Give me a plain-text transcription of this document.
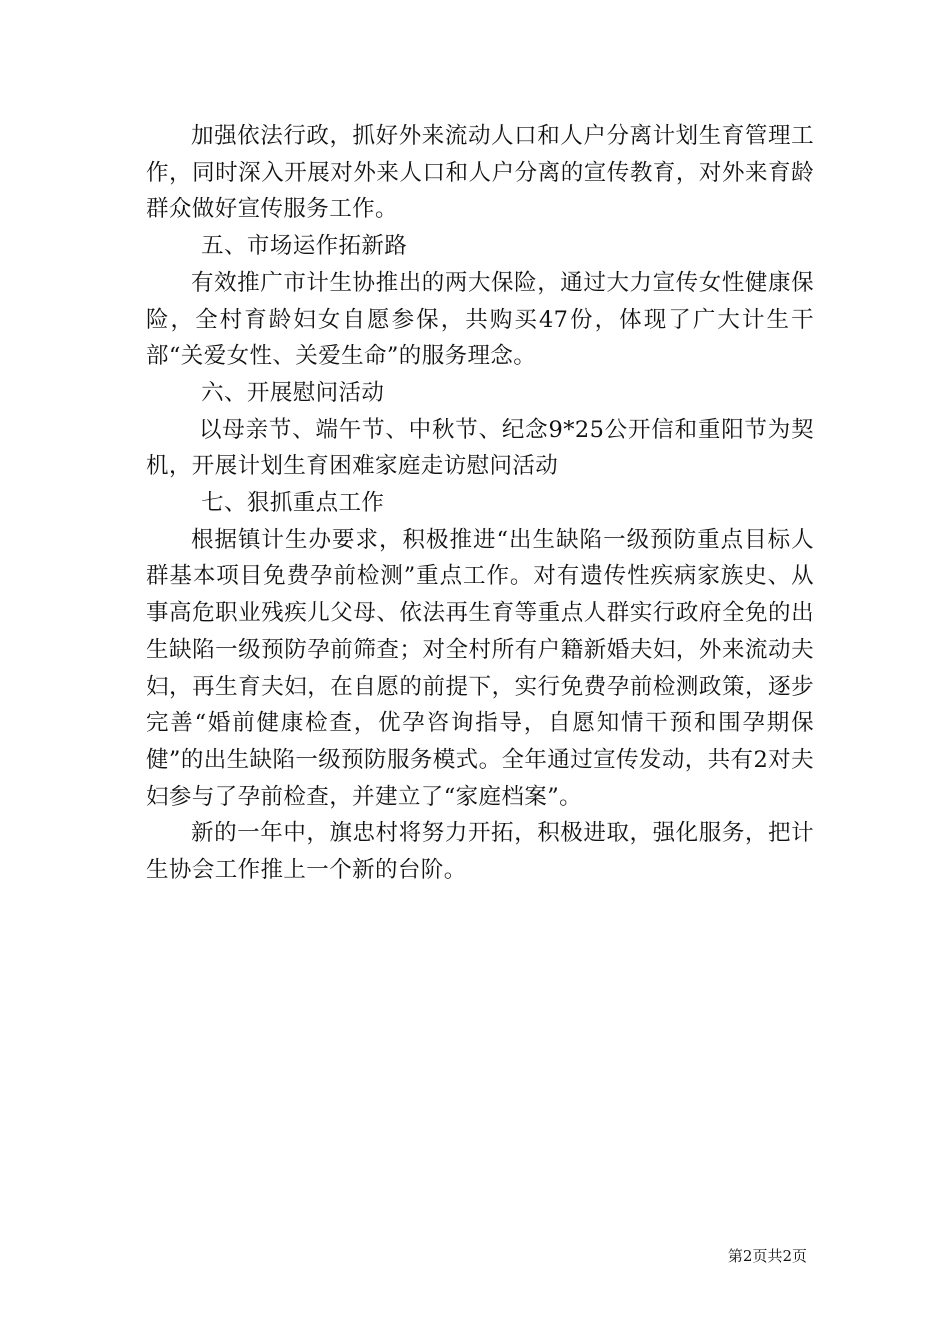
加强依法行政，抓好外来流动人口和人户分离计划生育管理工作，同时深入开展对外来人口和人户分离的宣传教育，对外来育龄群众做好宣传服务工作。

五、市场运作拓新路

有效推广市计生协推出的两大保险，通过大力宣传女性健康保险，全村育龄妇女自愿参保，共购买47份，体现了广大计生干部“关爱女性、关爱生命”的服务理念。

六、开展慰问活动

以母亲节、端午节、中秋节、纪念9*25公开信和重阳节为契机，开展计划生育困难家庭走访慰问活动

七、狠抓重点工作

根据镇计生办要求，积极推进“出生缺陷一级预防重点目标人群基本项目免费孕前检测”重点工作。对有遗传性疾病家族史、从事高危职业残疾儿父母、依法再生育等重点人群实行政府全免的出生缺陷一级预防孕前筛查；对全村所有户籍新婚夫妇，外来流动夫妇，再生育夫妇，在自愿的前提下，实行免费孕前检测政策，逐步完善“婚前健康检查，优孕咨询指导，自愿知情干预和围孕期保健”的出生缺陷一级预防服务模式。全年通过宣传发动，共有2对夫妇参与了孕前检查，并建立了“家庭档案”。

新的一年中，旗忠村将努力开拓，积极进取，强化服务，把计生协会工作推上一个新的台阶。

第2页共2页
